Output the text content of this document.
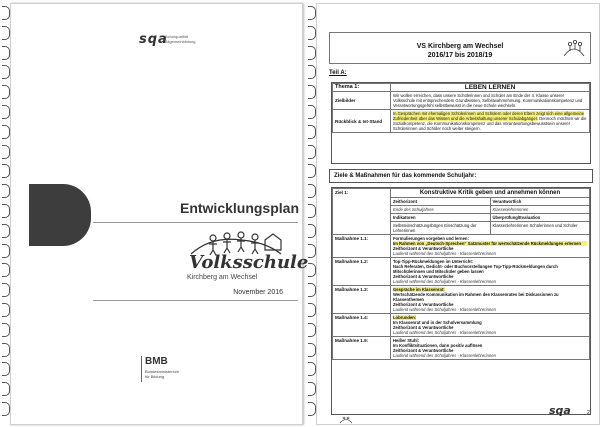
sqa
Schulqualität
Allgemeinbildung
Entwicklungsplan
Volksschule
Kirchberg am Wechsel
November 2016
BMB
Bundesministerium
für Bildung
VS Kirchberg am Wechsel
2016/17 bis 2018/19
Teil A:
Thema 1:	LEBEN LERNEN
Zielbilder	Wir wollen erreichen, dass unsere Schülerinnen und Schüler am Ende der 4. Klasse unserer Volksschule mit entsprechendem Grundwissen, Selbstwahrnehmung, Kommunikationskompetenz und Verantwortungsgefühl selbstbewusst in die neue Schule wechseln.
Rückblick & Ist-Stand	In Gesprächen mit ehemaligen Schülerinnen und Schülern oder deren Eltern zeigt sich eine allgemeine Zufriedenheit über das Wissen und die Arbeitshaltung unserer Schulabgänger. Dennoch möchten wir die Sozialkompetenz, die Kommunikationskompetenz und das Verantwortungsbewusstsein unserer Schülerinnen und Schüler noch weiter steigern.
Ziele & Maßnahmen für das kommende Schuljahr:
Ziel 1:	Konstruktive Kritik geben und annehmen können	
	Zeithorizont	Verantwortlich
	Ende des Schuljahres	Klassenlehrerinnen
	Indikatoren	Überprüfung/Evaluation
	Selbsteinschätzungsbögen Einschätzung der Lehrerinnen	Klassenlehrerinnen Schülerinnen und Schüler
Maßnahme 1.1:	Formulierungen vorgeben und lernen:
Im Rahmen von „Deutsch-Sprechen“ Satzmuster für wertschätzende Rückmeldungen erlernen
Zeithorizont & Verantwortliche
Laufend während des Schuljahres - Klassenlehrerinnen	

Maßnahme 1.2:	Top-Tipp-Rückmeldungen im Unterricht:
Nach Referaten, Gedicht- oder Buchvorstellungen Top-Tipp-Rückmeldungen durch Mitschülerinnen und Mitschüler geben lassen
Zeithorizont & Verantwortliche
Laufend während des Schuljahres - Klassenlehrerinnen	

Maßnahme 1.3:	Gespräche im Klassenrat:
Wertschätzende Kommunikation im Rahmen des Klassenrates bei Diskussionen zu Klassenthemen
Zeithorizont & Verantwortliche
Laufend während des Schuljahres - Klassenlehrerinnen	

Maßnahme 1.4:	Lobrunden:
Im Klassenrat und in der Schulversammlung
Zeithorizont & Verantwortliche
Laufend während des Schuljahres - Klassenlehrerinnen	

Maßnahme 1.5:	Heißer Stuhl:
Im Konfliktsituationen, dann positiv auflösen
Zeithorizont & Verantwortliche
Laufend während des Schuljahres - Klassenlehrerinnen	
sqa	2
